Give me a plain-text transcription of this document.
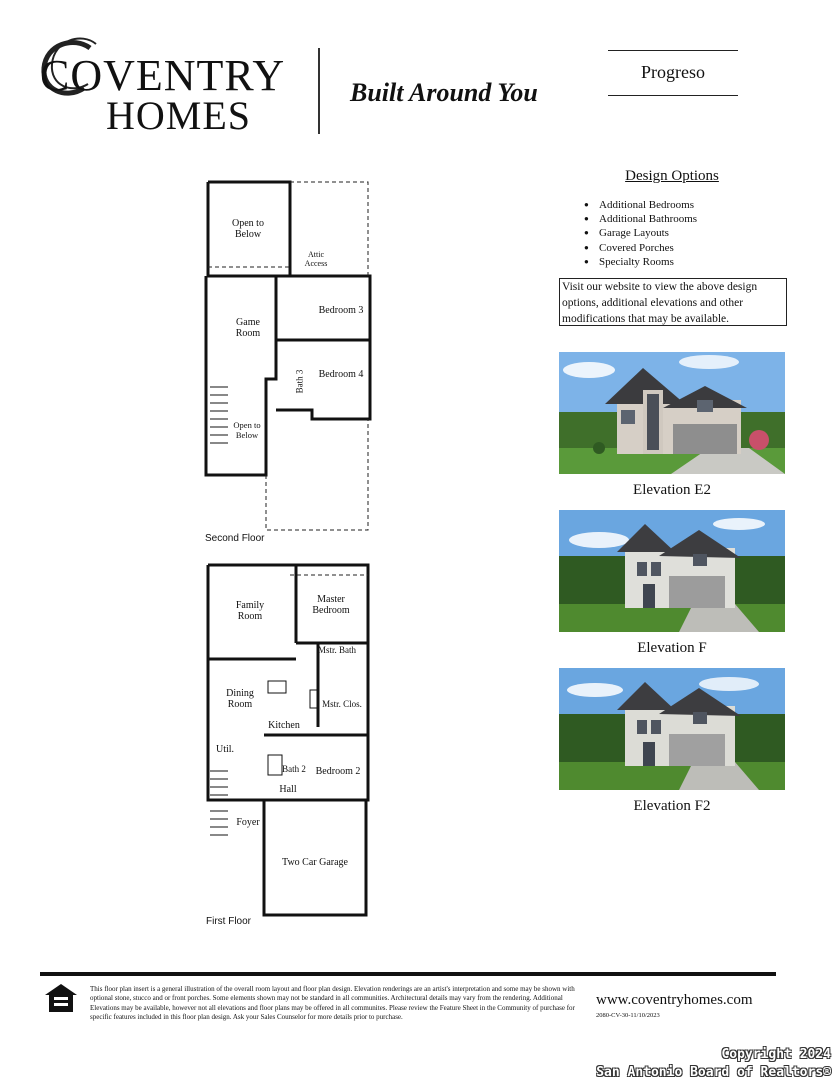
COVENTRY
HOMES
Built Around You
Progreso
Design Options
● Additional Bedrooms
● Additional Bathrooms
● Garage Layouts
● Covered Porches
● Specialty Rooms
Visit our website to view the above design options, additional elevations and other modifications that may be available.
Elevation E2
Elevation F
Elevation F2
Open to Below
Attic Access
Bedroom 3
Game Room
Bedroom 4
Bath 3
Open to Below
Second Floor
Family Room
Master Bedroom
Mstr. Bath
Dining Room
Kitchen
Mstr. Clos.
Util.
Bath 2 Bedroom 2
Hall
Foyer
Two Car Garage
First Floor
This floor plan insert is a general illustration of the overall room layout and floor plan design. Elevation renderings are an artist's interpretation and some may be shown with optional stone, stucco and or front porches. Some elements shown may not be standard in all communities. Architectural details may vary from the rendering. Additional Elevations may be available, however not all elevations and floor plans may be offered in all communites. Please review the Feature Sheet in the Community of purchase for specific features included in this floor plan design. Ask your Sales Counselor for more details prior to purchase.
www.coventryhomes.com
2080-CV-30-11/10/2023
Copyright 2024
San Antonio Board of Realtors®
